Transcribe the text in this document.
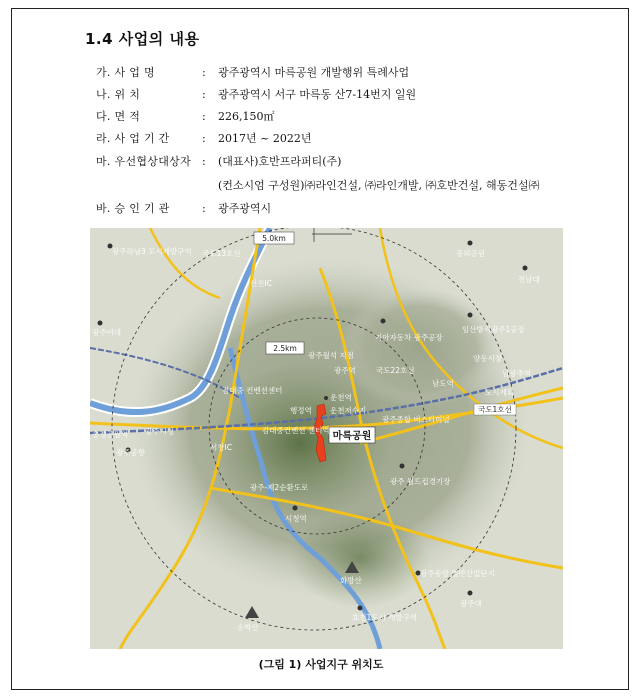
1.4 사업의 내용
가. 사 업 명	: 광주광역시 마륵공원 개발행위 특례사업
나. 위 치	: 광주광역시 서구 마륵동 산7-14번지 일원
다. 면 적	: 226,150㎡
라. 사 업 기 간	: 2017년 ~ 2022년
마. 우선협상대상자 : (대표사)호반프라퍼티(주)
(컨소시엄 구성원)㈜라인건설, ㈜라인개발, ㈜호반건설, 해동건설㈜
바. 승 인 기 관	: 광주광역시
5.0km
2.5km
마륵공원
광주하남3 도시개발구역 국도13호선	중외공원
전남대
선진IC
광주여대
기아자동차 광주공장
임산방직광주1공장
광주월석 지점
국도22호선
광주역
김대중 컨벤션센터
운천역
운천저수지
행정역
남도역
도시계획
국도1호선
송정공원역 광주시청
광주공항
서창IC
김대중컨벤션 센터역
광주종합 버스터미널
양동시장
남광주역
광주 월드컵경기장
광주-제2순환도로
시청역
화방산
광주송암 일반산업단지
광주대
효천1도시 개발구역
송학산
(그림 1) 사업지구 위치도
